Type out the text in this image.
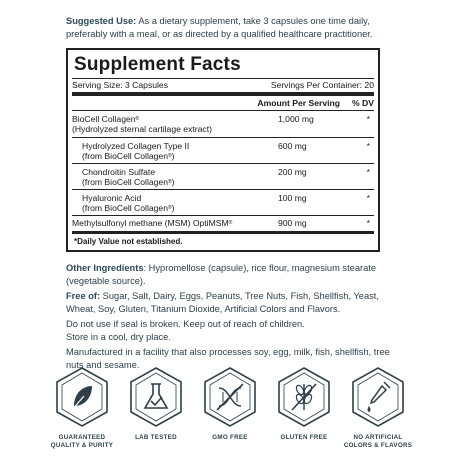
Suggested Use: As a dietary supplement, take 3 capsules one time daily, preferably with a meal, or as directed by a qualified healthcare practitioner.
Supplement Facts
Serving Size: 3 Capsules	Servings Per Container: 20
Amount Per Serving	% DV
BioCell Collagen®
(Hydrolyzed sternal cartilage extract)
1,000 mg	*
Hydrolyzed Collagen Type II
(from BioCell Collagen®)
600 mg	*
Chondroitin Sulfate
(from BioCell Collagen®)
200 mg	*
Hyaluronic Acid
(from BioCell Collagen®)
100 mg	*
Methylsulfonyl methane (MSM) OptiMSM®	900 mg	*
*Daily Value not established.

Other Ingredients: Hypromellose (capsule), rice flour, magnesium stearate (vegetable source).

Free of: Sugar, Salt, Dairy, Eggs, Peanuts, Tree Nuts, Fish, Shellfish, Yeast, Wheat, Soy, Gluten, Titanium Dioxide, Artificial Colors and Flavors.

Do not use if seal is broken. Keep out of reach of children.

Store in a cool, dry place.

Manufactured in a facility that also processes soy, egg, milk, fish, shellfish, tree nuts and sesame.

GUARANTEED
QUALITY & PURITY
LAB TESTED	GMO FREE	GLUTEN FREE	NO ARTIFICIAL
COLORS & FLAVORS
